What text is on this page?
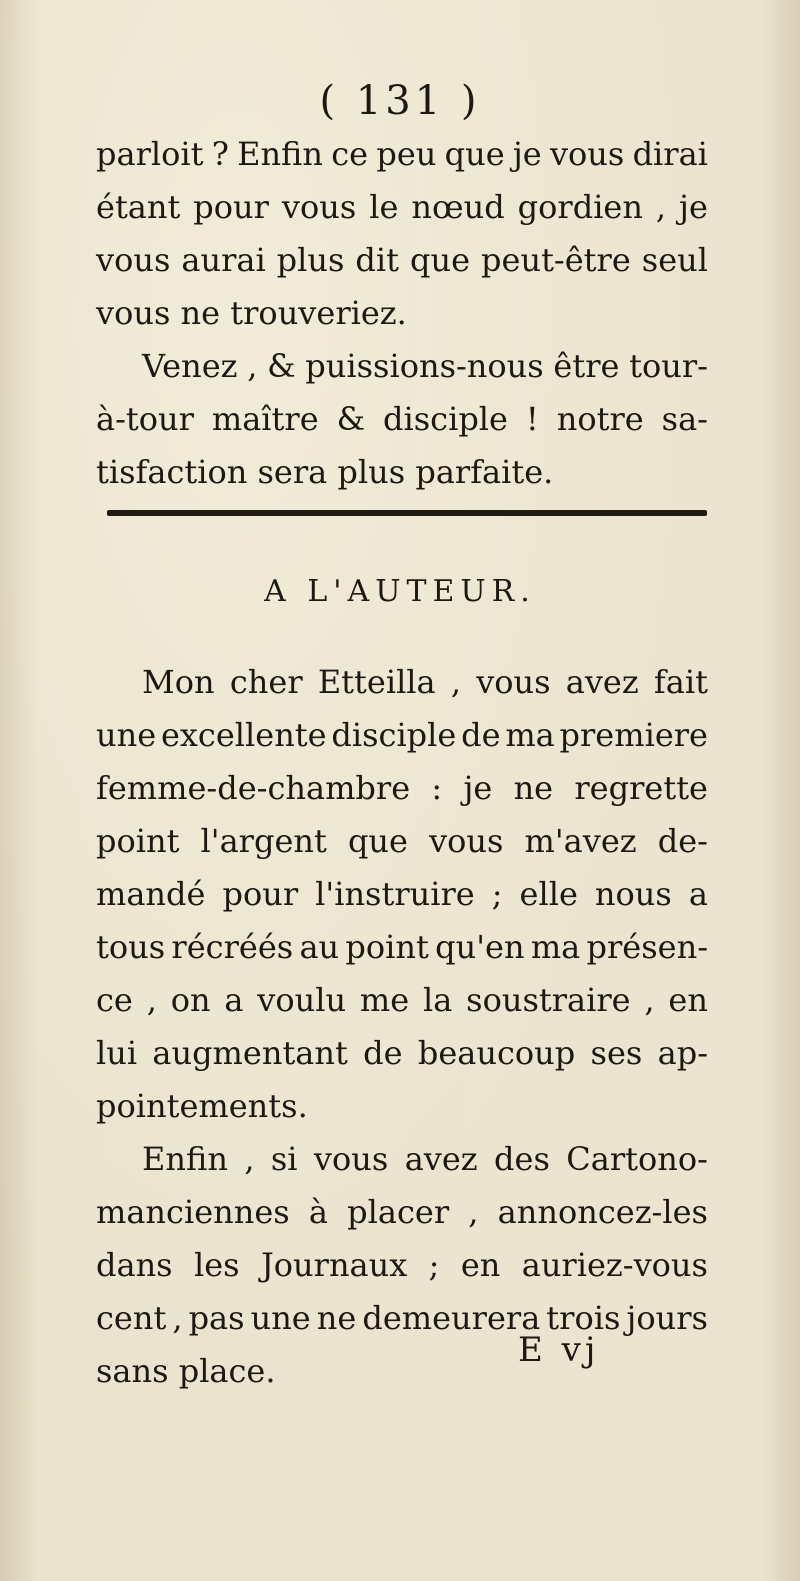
( 131 )
parloit ? Enfin ce peu que je vous dirai
étant pour vous le nœud gordien , je
vous aurai plus dit que peut-être seul
vous ne trouveriez.
Venez , & puissions-nous être tour-
à-tour maître & disciple ! notre sa-
tisfaction sera plus parfaite.
A L'AUTEUR.
Mon cher Etteilla , vous avez fait
une excellente disciple de ma premiere
femme-de-chambre : je ne regrette
point l'argent que vous m'avez de-
mandé pour l'instruire ; elle nous a
tous récréés au point qu'en ma présen-
ce , on a voulu me la soustraire , en
lui augmentant de beaucoup ses ap-
pointements.
Enfin , si vous avez des Cartono-
manciennes à placer , annoncez-les
dans les Journaux ; en auriez-vous
cent , pas une ne demeurera trois jours
sans place.
E vj
